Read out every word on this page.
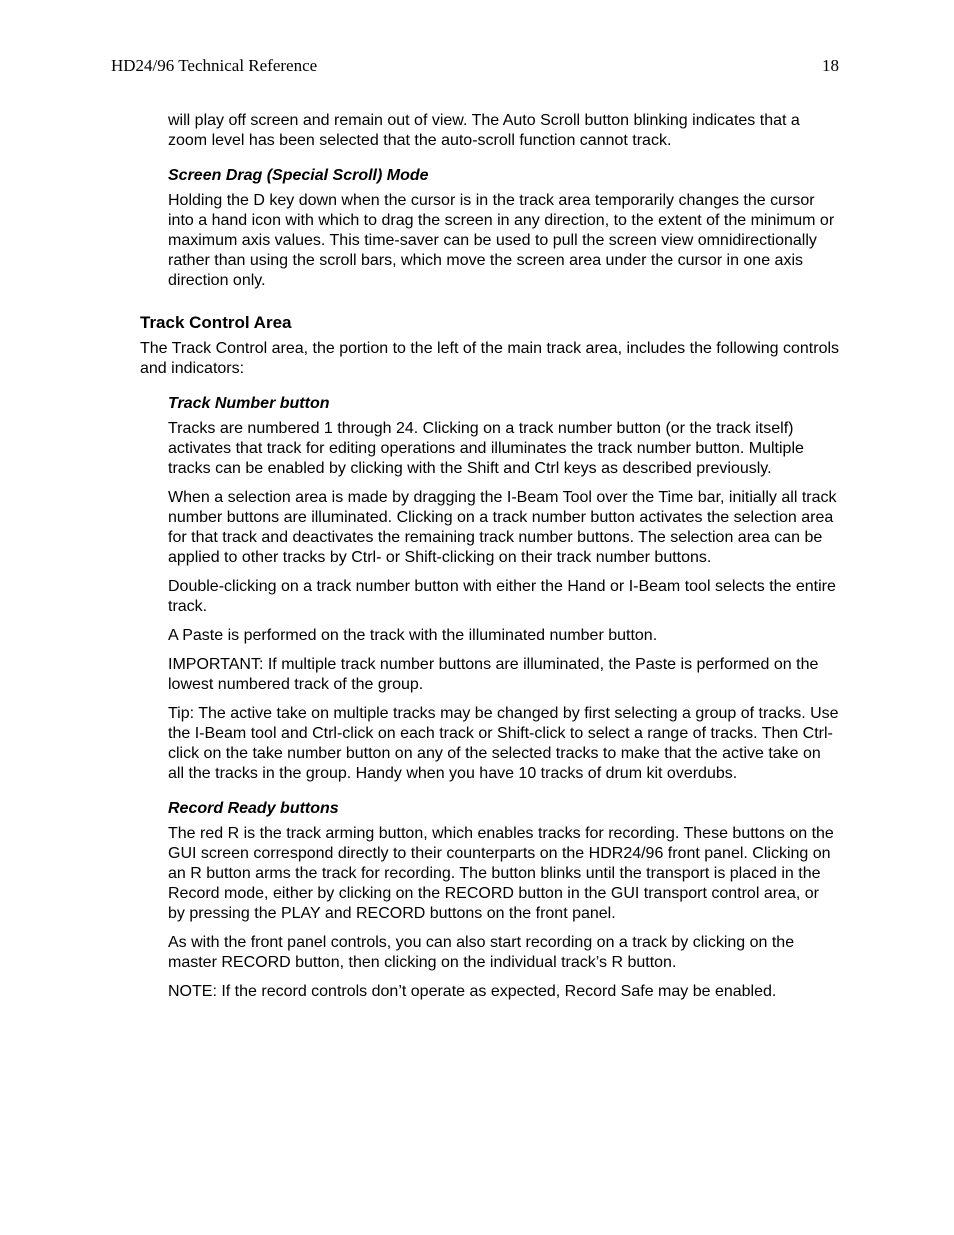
HD24/96 Technical Reference	18

will play off screen and remain out of view. The Auto Scroll button blinking indicates that a zoom level has been selected that the auto-scroll function cannot track.

Screen Drag (Special Scroll) Mode

Holding the D key down when the cursor is in the track area temporarily changes the cursor into a hand icon with which to drag the screen in any direction, to the extent of the minimum or maximum axis values. This time-saver can be used to pull the screen view omnidirectionally rather than using the scroll bars, which move the screen area under the cursor in one axis direction only.

Track Control Area

The Track Control area, the portion to the left of the main track area, includes the following controls and indicators:

Track Number button

Tracks are numbered 1 through 24. Clicking on a track number button (or the track itself) activates that track for editing operations and illuminates the track number button. Multiple tracks can be enabled by clicking with the Shift and Ctrl keys as described previously.

When a selection area is made by dragging the I-Beam Tool over the Time bar, initially all track number buttons are illuminated. Clicking on a track number button activates the selection area for that track and deactivates the remaining track number buttons. The selection area can be applied to other tracks by Ctrl- or Shift-clicking on their track number buttons.

Double-clicking on a track number button with either the Hand or I-Beam tool selects the entire track.

A Paste is performed on the track with the illuminated number button.

IMPORTANT: If multiple track number buttons are illuminated, the Paste is performed on the lowest numbered track of the group.

Tip: The active take on multiple tracks may be changed by first selecting a group of tracks. Use the I-Beam tool and Ctrl-click on each track or Shift-click to select a range of tracks. Then Ctrl-click on the take number button on any of the selected tracks to make that the active take on all the tracks in the group. Handy when you have 10 tracks of drum kit overdubs.

Record Ready buttons

The red R is the track arming button, which enables tracks for recording. These buttons on the GUI screen correspond directly to their counterparts on the HDR24/96 front panel. Clicking on an R button arms the track for recording. The button blinks until the transport is placed in the Record mode, either by clicking on the RECORD button in the GUI transport control area, or by pressing the PLAY and RECORD buttons on the front panel.

As with the front panel controls, you can also start recording on a track by clicking on the master RECORD button, then clicking on the individual track’s R button.

NOTE: If the record controls don’t operate as expected, Record Safe may be enabled.
